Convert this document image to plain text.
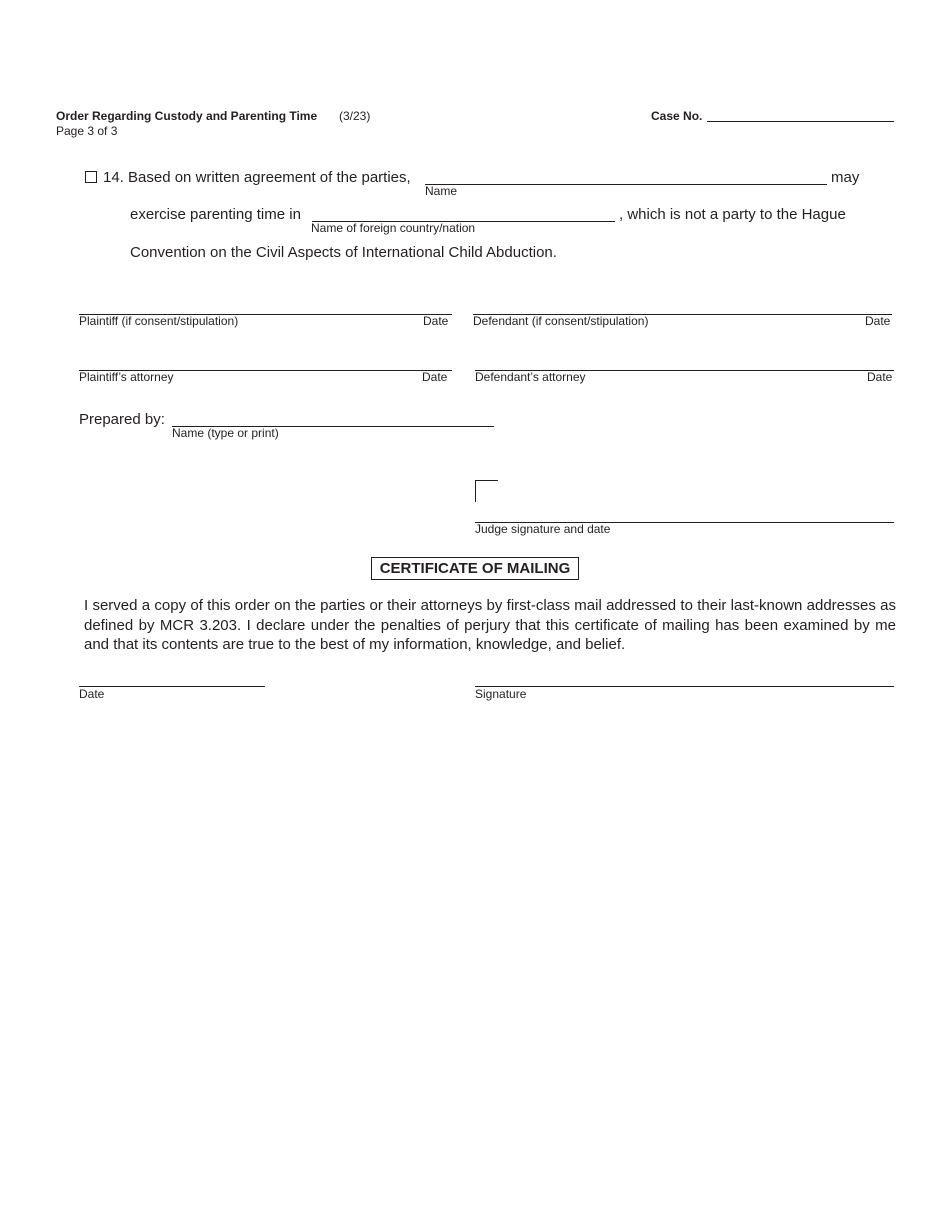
Order Regarding Custody and Parenting Time (3/23)
Page 3 of 3
Case No.
14. Based on written agreement of the parties,
Name
may
exercise parenting time in
Name of foreign country/nation
, which is not a party to the Hague
Convention on the Civil Aspects of International Child Abduction.
Plaintiff (if consent/stipulation)	Date Defendant (if consent/stipulation)	Date
Plaintiff’s attorney	Date Defendant’s attorney	Date
Prepared by:
Name (type or print)
Judge signature and date
CERTIFICATE OF MAILING
I served a copy of this order on the parties or their attorneys by first-class mail addressed to their last-known addresses as defined by MCR 3.203. I declare under the penalties of perjury that this certificate of mailing has been examined by me and that its contents are true to the best of my information, knowledge, and belief.
Date	Signature
